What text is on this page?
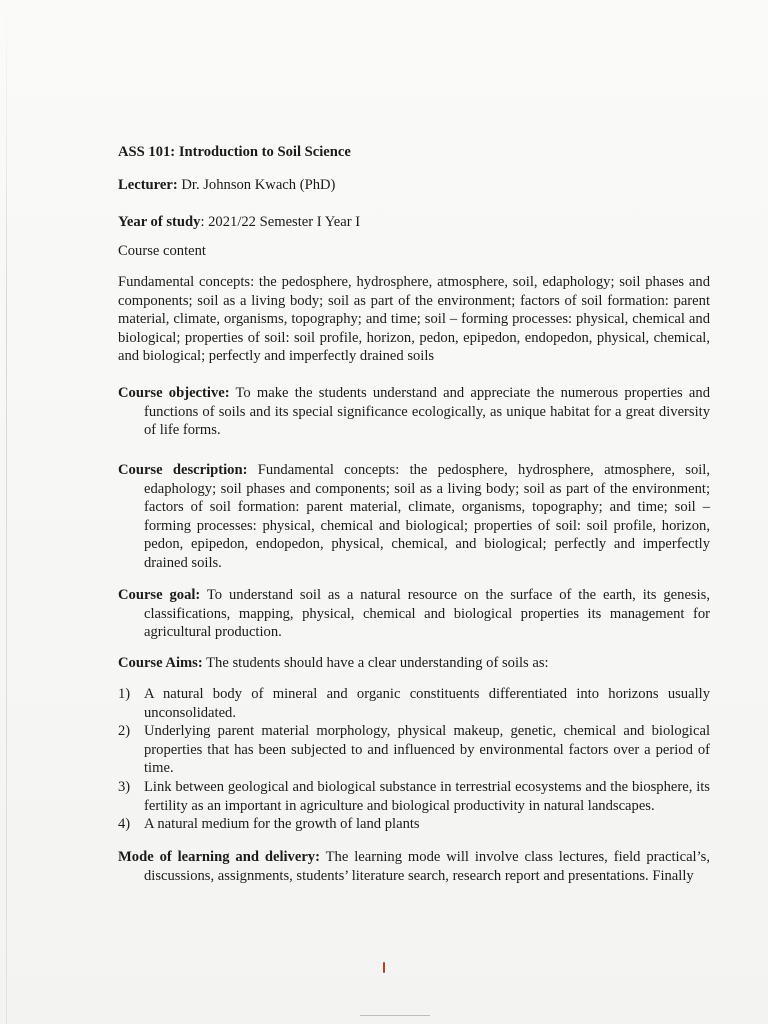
ASS 101: Introduction to Soil Science

Lecturer: Dr. Johnson Kwach (PhD)

Year of study: 2021/22 Semester I Year I

Course content

Fundamental concepts: the pedosphere, hydrosphere, atmosphere, soil, edaphology; soil phases and components; soil as a living body; soil as part of the environment; factors of soil formation: parent material, climate, organisms, topography; and time; soil – forming processes: physical, chemical and biological; properties of soil: soil profile, horizon, pedon, epipedon, endopedon, physical, chemical, and biological; perfectly and imperfectly drained soils

Course objective: To make the students understand and appreciate the numerous properties and functions of soils and its special significance ecologically, as unique habitat for a great diversity of life forms.

Course description: Fundamental concepts: the pedosphere, hydrosphere, atmosphere, soil, edaphology; soil phases and components; soil as a living body; soil as part of the environment; factors of soil formation: parent material, climate, organisms, topography; and time; soil – forming processes: physical, chemical and biological; properties of soil: soil profile, horizon, pedon, epipedon, endopedon, physical, chemical, and biological; perfectly and imperfectly drained soils.

Course goal: To understand soil as a natural resource on the surface of the earth, its genesis, classifications, mapping, physical, chemical and biological properties its management for agricultural production.

Course Aims: The students should have a clear understanding of soils as:

1) A natural body of mineral and organic constituents differentiated into horizons usually unconsolidated.
2) Underlying parent material morphology, physical makeup, genetic, chemical and biological properties that has been subjected to and influenced by environmental factors over a period of time.
3) Link between geological and biological substance in terrestrial ecosystems and the biosphere, its fertility as an important in agriculture and biological productivity in natural landscapes.
4) A natural medium for the growth of land plants

Mode of learning and delivery: The learning mode will involve class lectures, field practical’s, discussions, assignments, students’ literature search, research report and presentations. Finally
